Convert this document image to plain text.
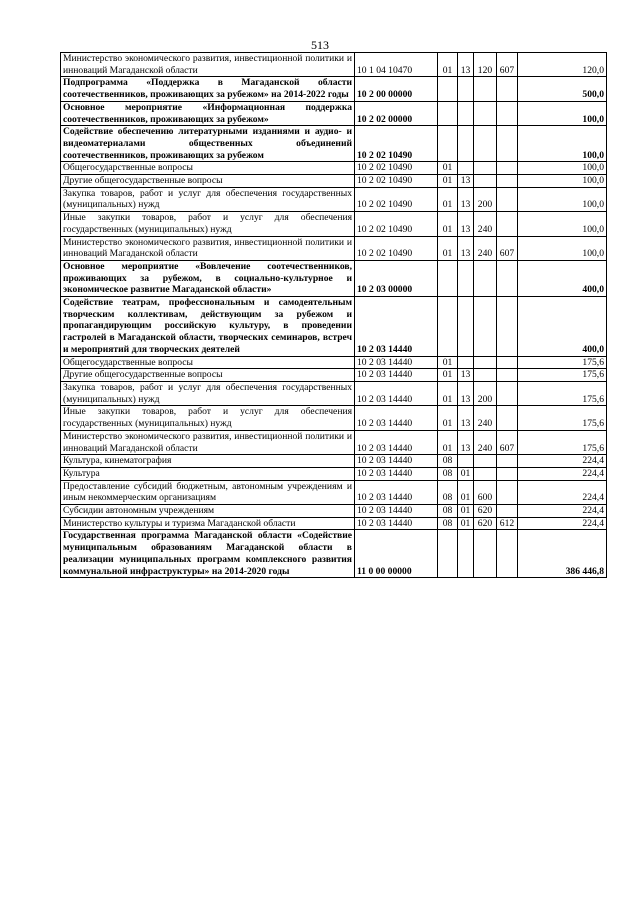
513
Министерство экономического развития, инвестиционной политики и инноваций Магаданской области	10 1 04 10470	01	13	120	607	120,0
Подпрограмма «Поддержка в Магаданской области соотечественников, проживающих за рубежом» на 2014-2022 годы	10 2 00 00000					500,0
Основное мероприятие «Информационная поддержка соотечественников, проживающих за рубежом»	10 2 02 00000					100,0
Содействие обеспечению литературными изданиями и аудио- и видеоматериалами общественных объединений соотечественников, проживающих за рубежом	10 2 02 10490					100,0
Общегосударственные вопросы	10 2 02 10490	01				100,0
Другие общегосударственные вопросы	10 2 02 10490	01	13			100,0
Закупка товаров, работ и услуг для обеспечения государственных (муниципальных) нужд	10 2 02 10490	01	13	200		100,0
Иные закупки товаров, работ и услуг для обеспечения государственных (муниципальных) нужд	10 2 02 10490	01	13	240		100,0
Министерство экономического развития, инвестиционной политики и инноваций Магаданской области	10 2 02 10490	01	13	240	607	100,0
Основное мероприятие «Вовлечение соотечественников, проживающих за рубежом, в социально-культурное и экономическое развитие Магаданской области»	10 2 03 00000					400,0
Содействие театрам, профессиональным и самодеятельным творческим коллективам, действующим за рубежом и пропагандирующим российскую культуру, в проведении гастролей в Магаданской области, творческих семинаров, встреч и мероприятий для творческих деятелей	10 2 03 14440					400,0
Общегосударственные вопросы	10 2 03 14440	01				175,6
Другие общегосударственные вопросы	10 2 03 14440	01	13			175,6
Закупка товаров, работ и услуг для обеспечения государственных (муниципальных) нужд	10 2 03 14440	01	13	200		175,6
Иные закупки товаров, работ и услуг для обеспечения государственных (муниципальных) нужд	10 2 03 14440	01	13	240		175,6
Министерство экономического развития, инвестиционной политики и инноваций Магаданской области	10 2 03 14440	01	13	240	607	175,6
Культура, кинематография	10 2 03 14440	08				224,4
Культура	10 2 03 14440	08	01			224,4
Предоставление субсидий бюджетным, автономным учреждениям и иным некоммерческим организациям	10 2 03 14440	08	01	600		224,4
Субсидии автономным учреждениям	10 2 03 14440	08	01	620		224,4
Министерство культуры и туризма Магаданской области	10 2 03 14440	08	01	620	612	224,4
Государственная программа Магаданской области «Содействие муниципальным образованиям Магаданской области в реализации муниципальных программ комплексного развития коммунальной инфраструктуры» на 2014-2020 годы	11 0 00 00000					386 446,8
